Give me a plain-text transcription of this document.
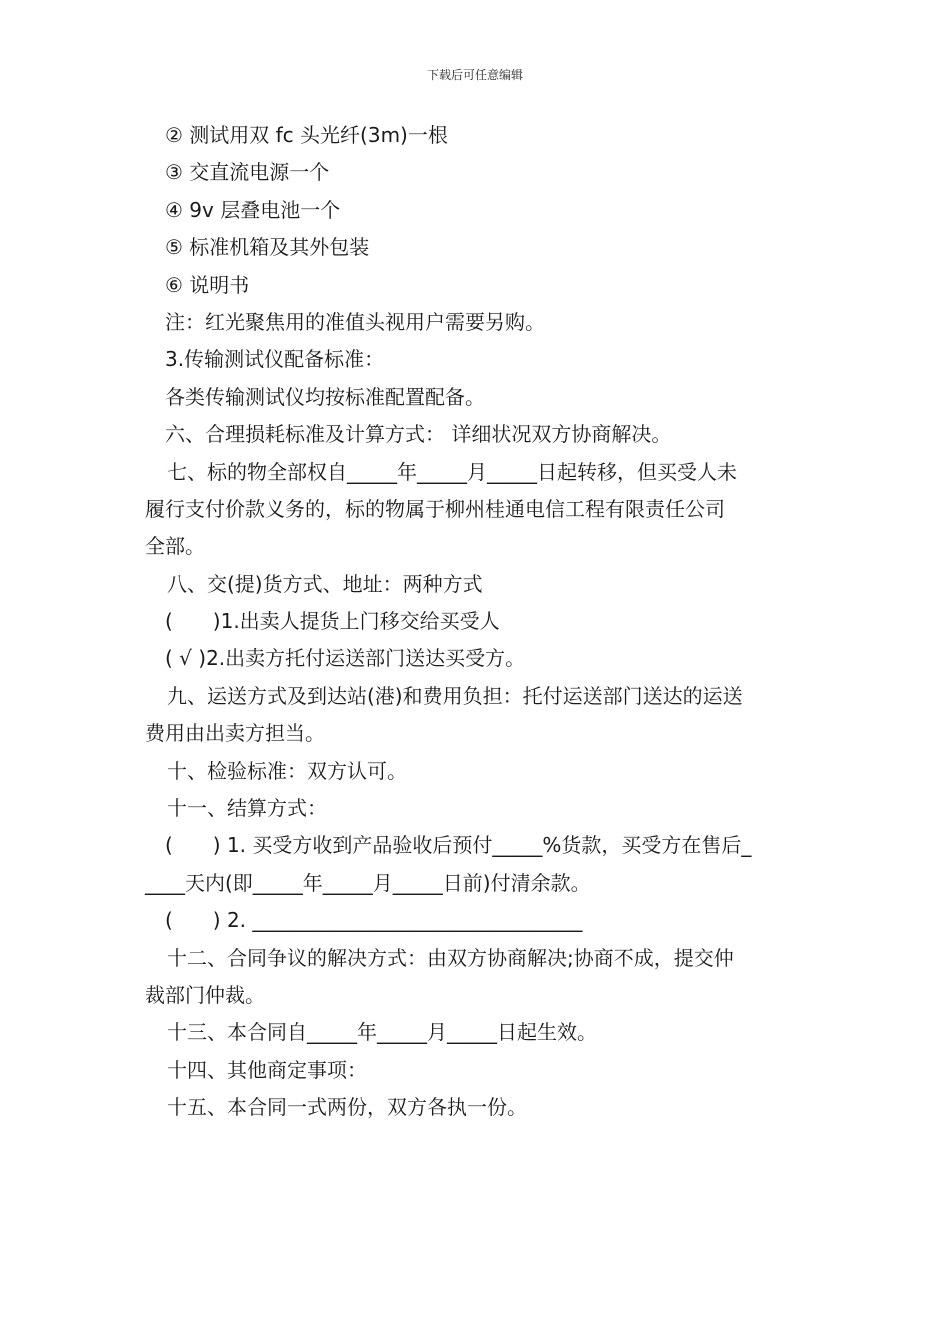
下载后可任意编辑
② 测试用双 fc 头光纤(3m)一根
③ 交直流电源一个
④ 9v 层叠电池一个
⑤ 标准机箱及其外包装
⑥ 说明书
注：红光聚焦用的准值头视用户需要另购。
3.传输测试仪配备标准：
各类传输测试仪均按标准配置配备。
六、合理损耗标准及计算方式： 详细状况双方协商解决。
七、标的物全部权自_____年_____月_____日起转移，但买受人未
履行支付价款义务的，标的物属于柳州桂通电信工程有限责任公司
全部。
八、交(提)货方式、地址：两种方式
(　　)1.出卖人提货上门移交给买受人
( √ )2.出卖方托付运送部门送达买受方。
九、运送方式及到达站(港)和费用负担：托付运送部门送达的运送
费用由出卖方担当。
十、检验标准：双方认可。
十一、结算方式：
(　　) 1. 买受方收到产品验收后预付_____%货款，买受方在售后_
____天内(即_____年_____月_____日前)付清余款。
(　　) 2. _________________________________
十二、合同争议的解决方式：由双方协商解决;协商不成，提交仲
裁部门仲裁。
十三、本合同自_____年_____月_____日起生效。
十四、其他商定事项：
十五、本合同一式两份，双方各执一份。
